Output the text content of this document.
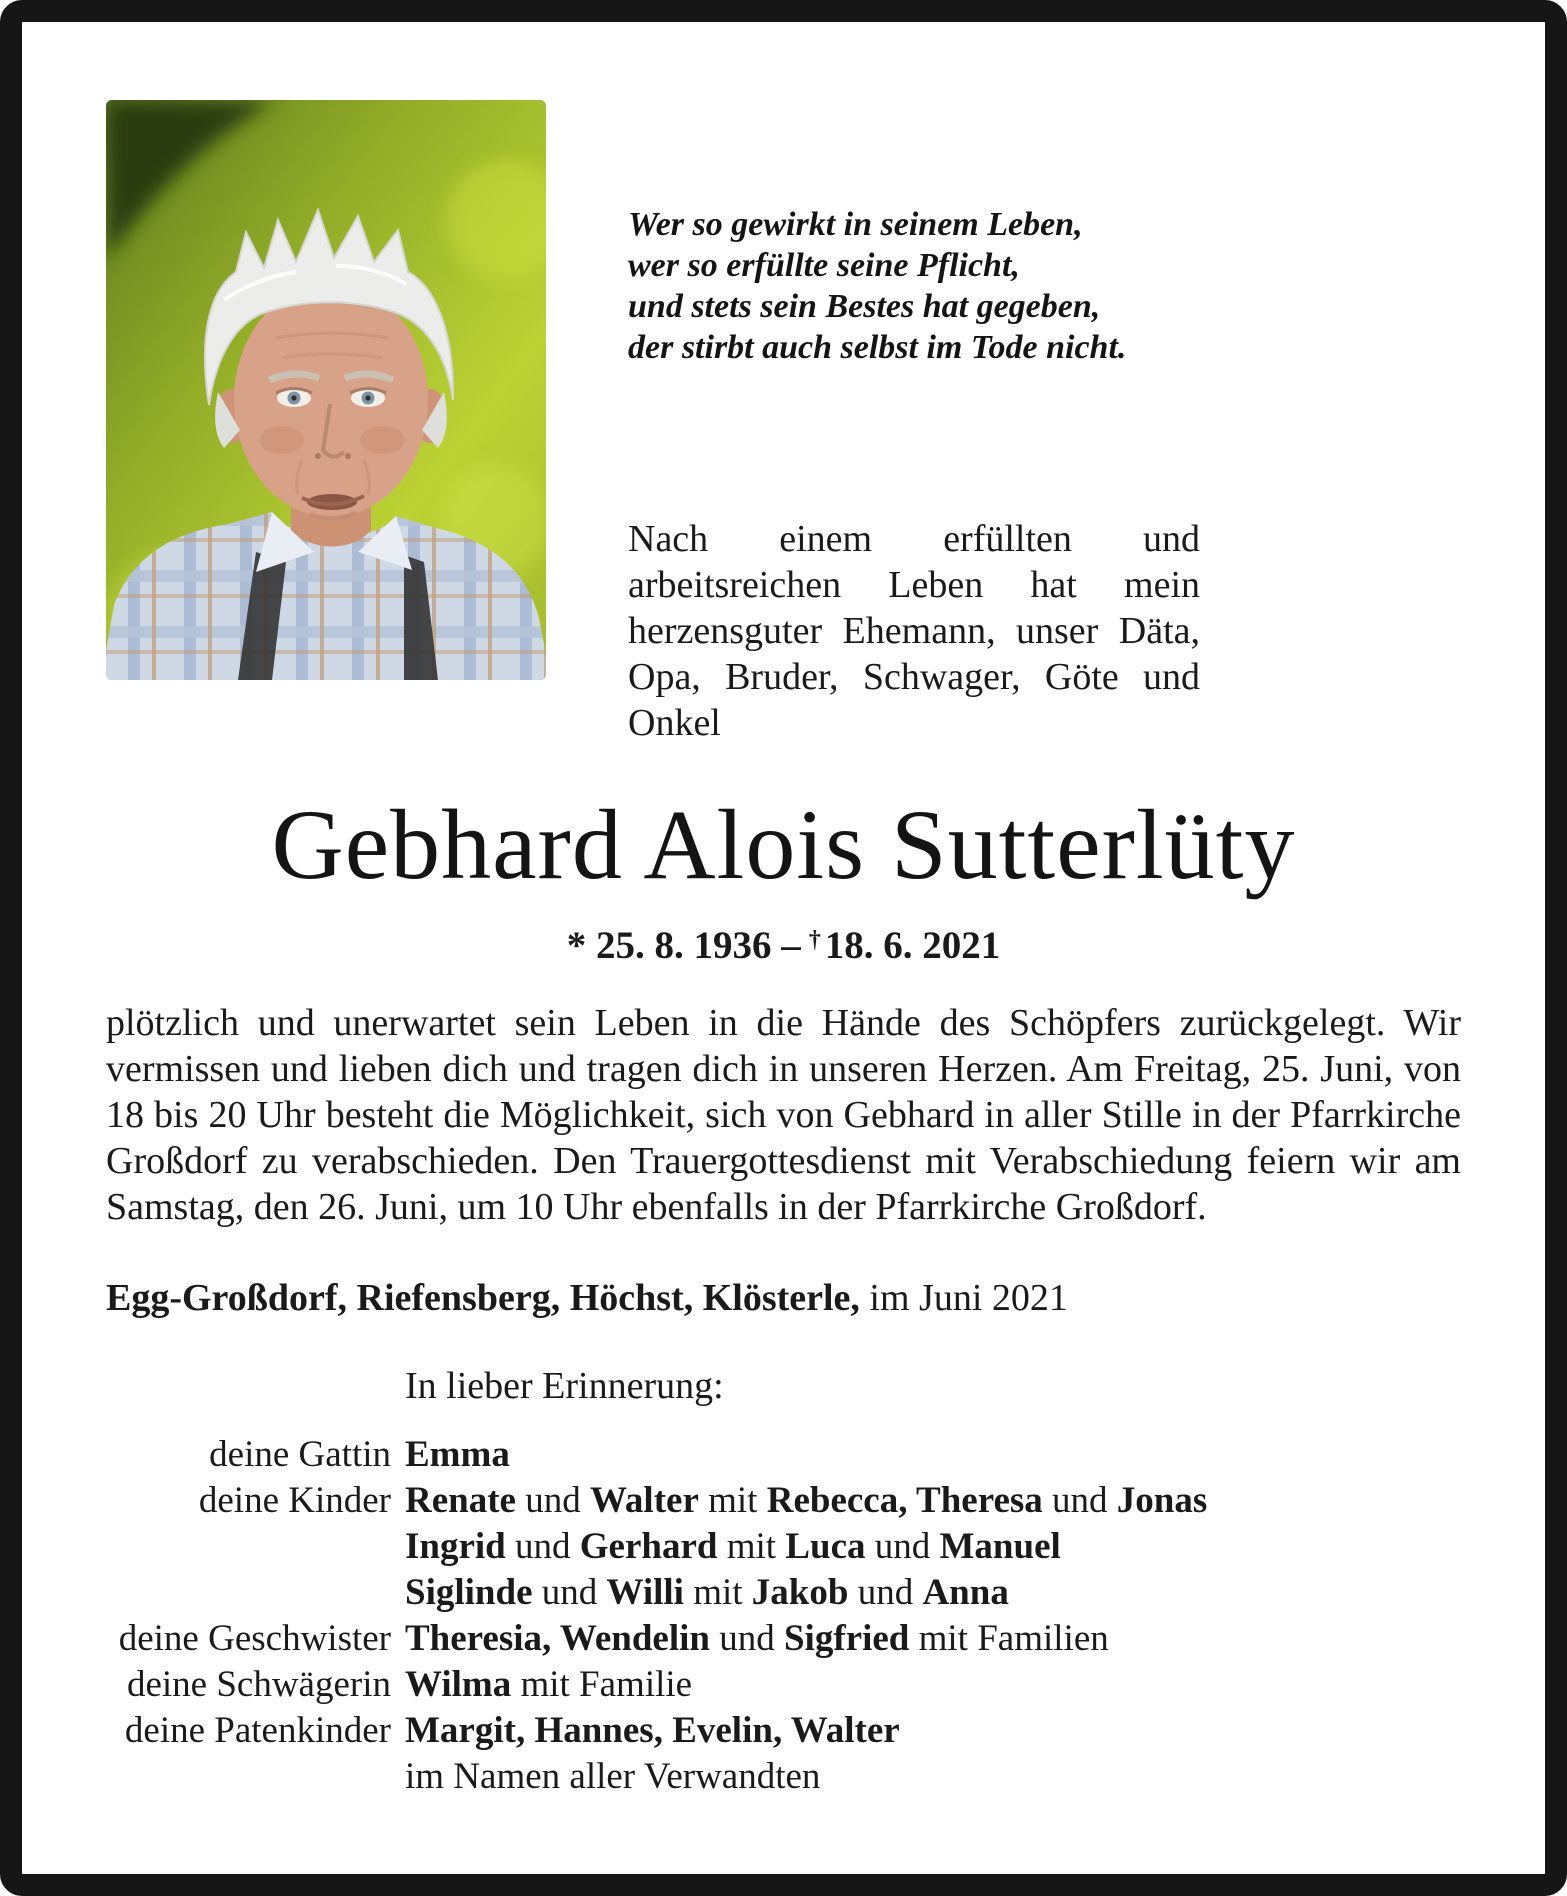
Wer so gewirkt in seinem Leben,
wer so erfüllte seine Pflicht,
und stets sein Bestes hat gegeben,
der stirbt auch selbst im Tode nicht.
Nach einem erfüllten und arbeitsreichen Leben hat mein herzensguter Ehemann, unser Däta, Opa, Bruder, Schwager, Göte und Onkel
Gebhard Alois Sutterlüty
* 25. 8. 1936 – † 18. 6. 2021
plötzlich und unerwartet sein Leben in die Hände des Schöpfers zurückgelegt. Wir vermissen und lieben dich und tragen dich in unseren Herzen. Am Freitag, 25. Juni, von 18 bis 20 Uhr besteht die Möglichkeit, sich von Gebhard in aller Stille in der Pfarrkirche Großdorf zu verabschieden. Den Trauergottesdienst mit Verabschiedung feiern wir am Samstag, den 26. Juni, um 10 Uhr ebenfalls in der Pfarrkirche Großdorf.
Egg-Großdorf, Riefensberg, Höchst, Klösterle, im Juni 2021
In lieber Erinnerung:
deine Gattin Emma
deine Kinder Renate und Walter mit Rebecca, Theresa und Jonas
Ingrid und Gerhard mit Luca und Manuel
Siglinde und Willi mit Jakob und Anna
deine Geschwister Theresia, Wendelin und Sigfried mit Familien
deine Schwägerin Wilma mit Familie
deine Patenkinder Margit, Hannes, Evelin, Walter
im Namen aller Verwandten
